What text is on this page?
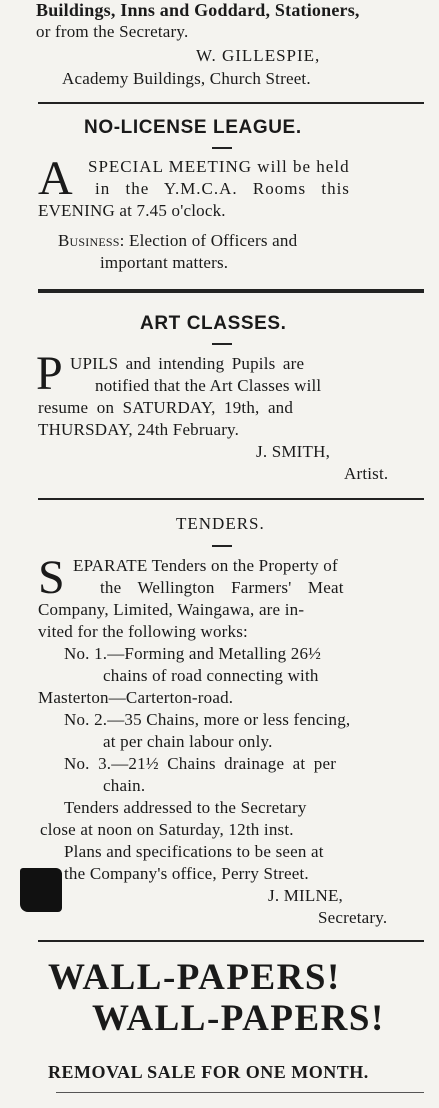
Buildings, Inns and Goddard, Stationers,
or from the Secretary.
W. GILLESPIE,
Academy Buildings, Church Street.
NO-LICENSE LEAGUE.
A SPECIAL MEETING will be held
in the Y.M.C.A. Rooms this
EVENING at 7.45 o'clock.
Business: Election of Officers and
important matters.
ART CLASSES.
P UPILS and intending Pupils are
notified that the Art Classes will
resume on SATURDAY, 19th, and
THURSDAY, 24th February.
J. SMITH,
Artist.
TENDERS.
S EPARATE Tenders on the Property of
the Wellington Farmers' Meat
Company, Limited, Waingawa, are in-
vited for the following works:
No. 1.—Forming and Metalling 26½
chains of road connecting with
Masterton—Carterton-road.
No. 2.—35 Chains, more or less fencing,
at per chain labour only.
No. 3.—21½ Chains drainage at per
chain.
Tenders addressed to the Secretary
close at noon on Saturday, 12th inst.
Plans and specifications to be seen at
the Company's office, Perry Street.
J. MILNE,
Secretary.
WALL-PAPERS!
WALL-PAPERS!
REMOVAL SALE FOR ONE MONTH.
